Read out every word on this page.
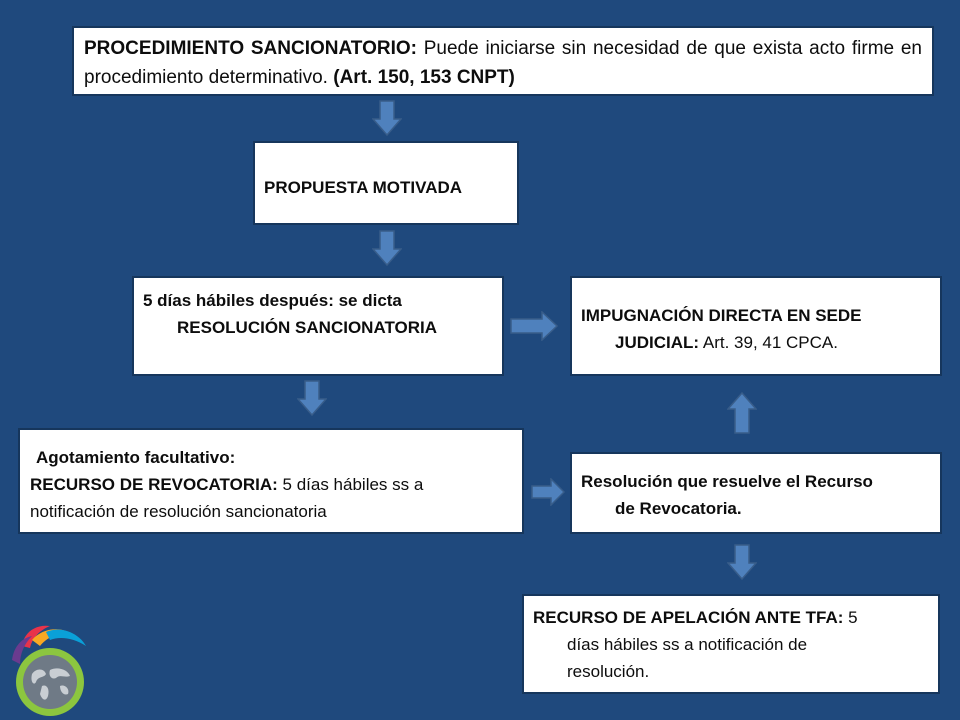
PROCEDIMIENTO SANCIONATORIO: Puede iniciarse sin necesidad de que exista acto firme en procedimiento determinativo. (Art. 150, 153 CNPT)
PROPUESTA MOTIVADA
5 días hábiles después: se dicta
RESOLUCIÓN SANCIONATORIA
IMPUGNACIÓN DIRECTA EN SEDE
JUDICIAL: Art. 39, 41 CPCA.
Agotamiento facultativo:
RECURSO DE REVOCATORIA: 5 días hábiles ss a
notificación de resolución sancionatoria
Resolución que resuelve el Recurso
de Revocatoria.
RECURSO DE APELACIÓN ANTE TFA: 5
días hábiles ss a notificación de
resolución.
